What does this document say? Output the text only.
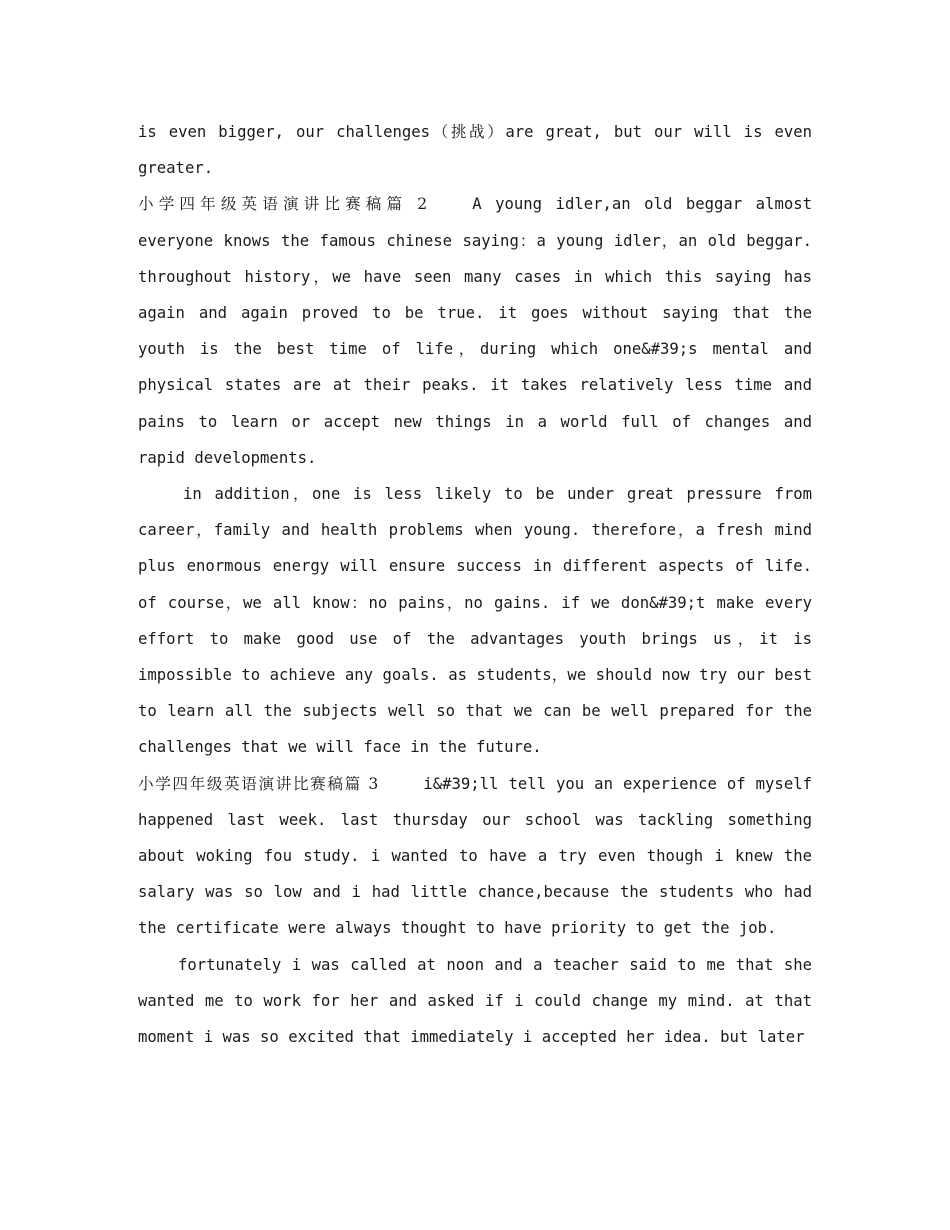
is even bigger, our challenges（挑战）are great, but our will is even greater.

小学四年级英语演讲比赛稿篇 2	A young idler,an old beggar almost everyone knows the famous chinese saying：a young idler，an old beggar. throughout history，we have seen many cases in which this saying has again and again proved to be true. it goes without saying that the youth is the best time of life，during which one&#39;s mental and physical states are at their peaks. it takes relatively less time and pains to learn or accept new things in a world full of changes and rapid developments.

in addition，one is less likely to be under great pressure from career，family and health problems when young. therefore，a fresh mind plus enormous energy will ensure success in different aspects of life. of course，we all know：no pains，no gains. if we don&#39;t make every effort to make good use of the advantages youth brings us，it is impossible to achieve any goals. as students，we should now try our best to learn all the subjects well so that we can be well prepared for the challenges that we will face in the future.

小学四年级英语演讲比赛稿篇 3	i&#39;ll tell you an experience of myself happened last week. last thursday our school was tackling something about woking fou study. i wanted to have a try even though i knew the salary was so low and i had little chance,because the students who had the certificate were always thought to have priority to get the job.

fortunately i was called at noon and a teacher said to me that she wanted me to work for her and asked if i could change my mind. at that moment i was so excited that immediately i accepted her idea. but later
